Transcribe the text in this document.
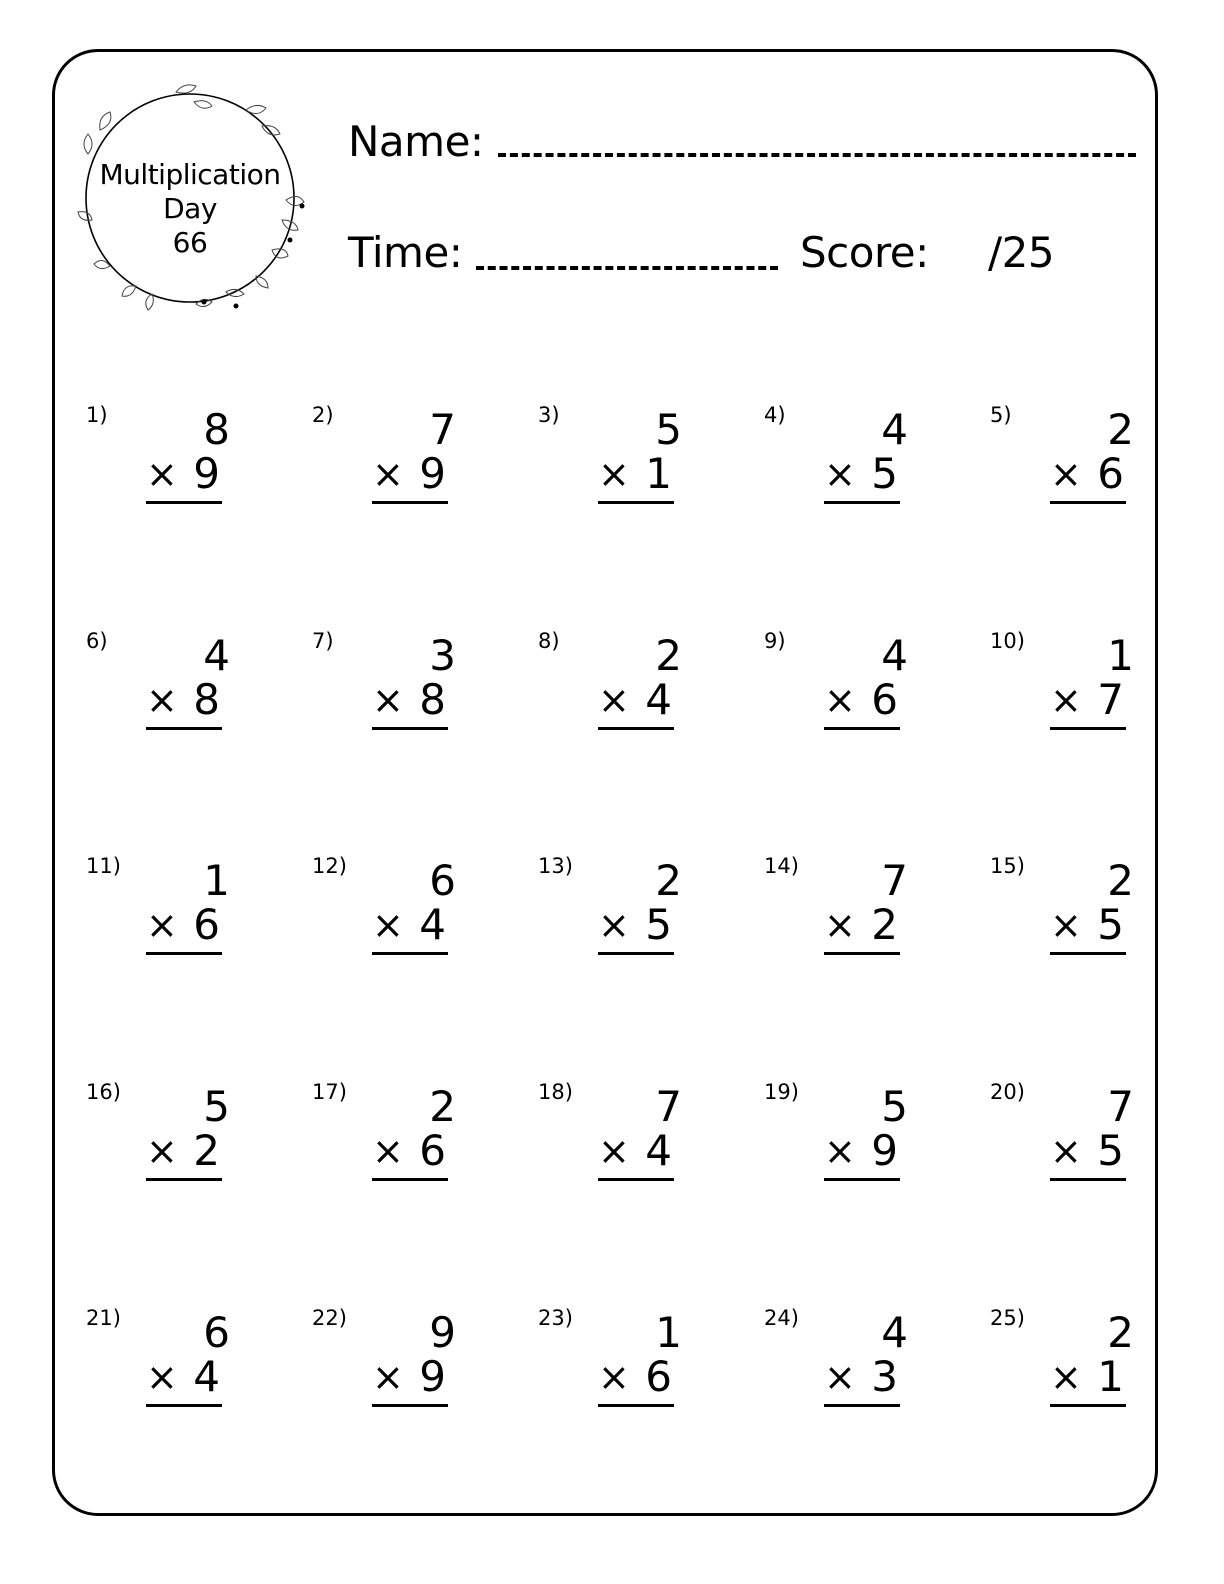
Multiplication
Day
66
Name:
Time:	Score: /25
1) 8
× 9
2) 7
× 9
3) 5
× 1
4) 4
× 5
5) 2
× 6
6) 4
× 8
7) 3
× 8
8) 2
× 4
9) 4
× 6
10) 1
× 7
11) 1
× 6
12) 6
× 4
13) 2
× 5
14) 7
× 2
15) 2
× 5
16) 5
× 2
17) 2
× 6
18) 7
× 4
19) 5
× 9
20) 7
× 5
21) 6
× 4
22) 9
× 9
23) 1
× 6
24) 4
× 3
25) 2
× 1
